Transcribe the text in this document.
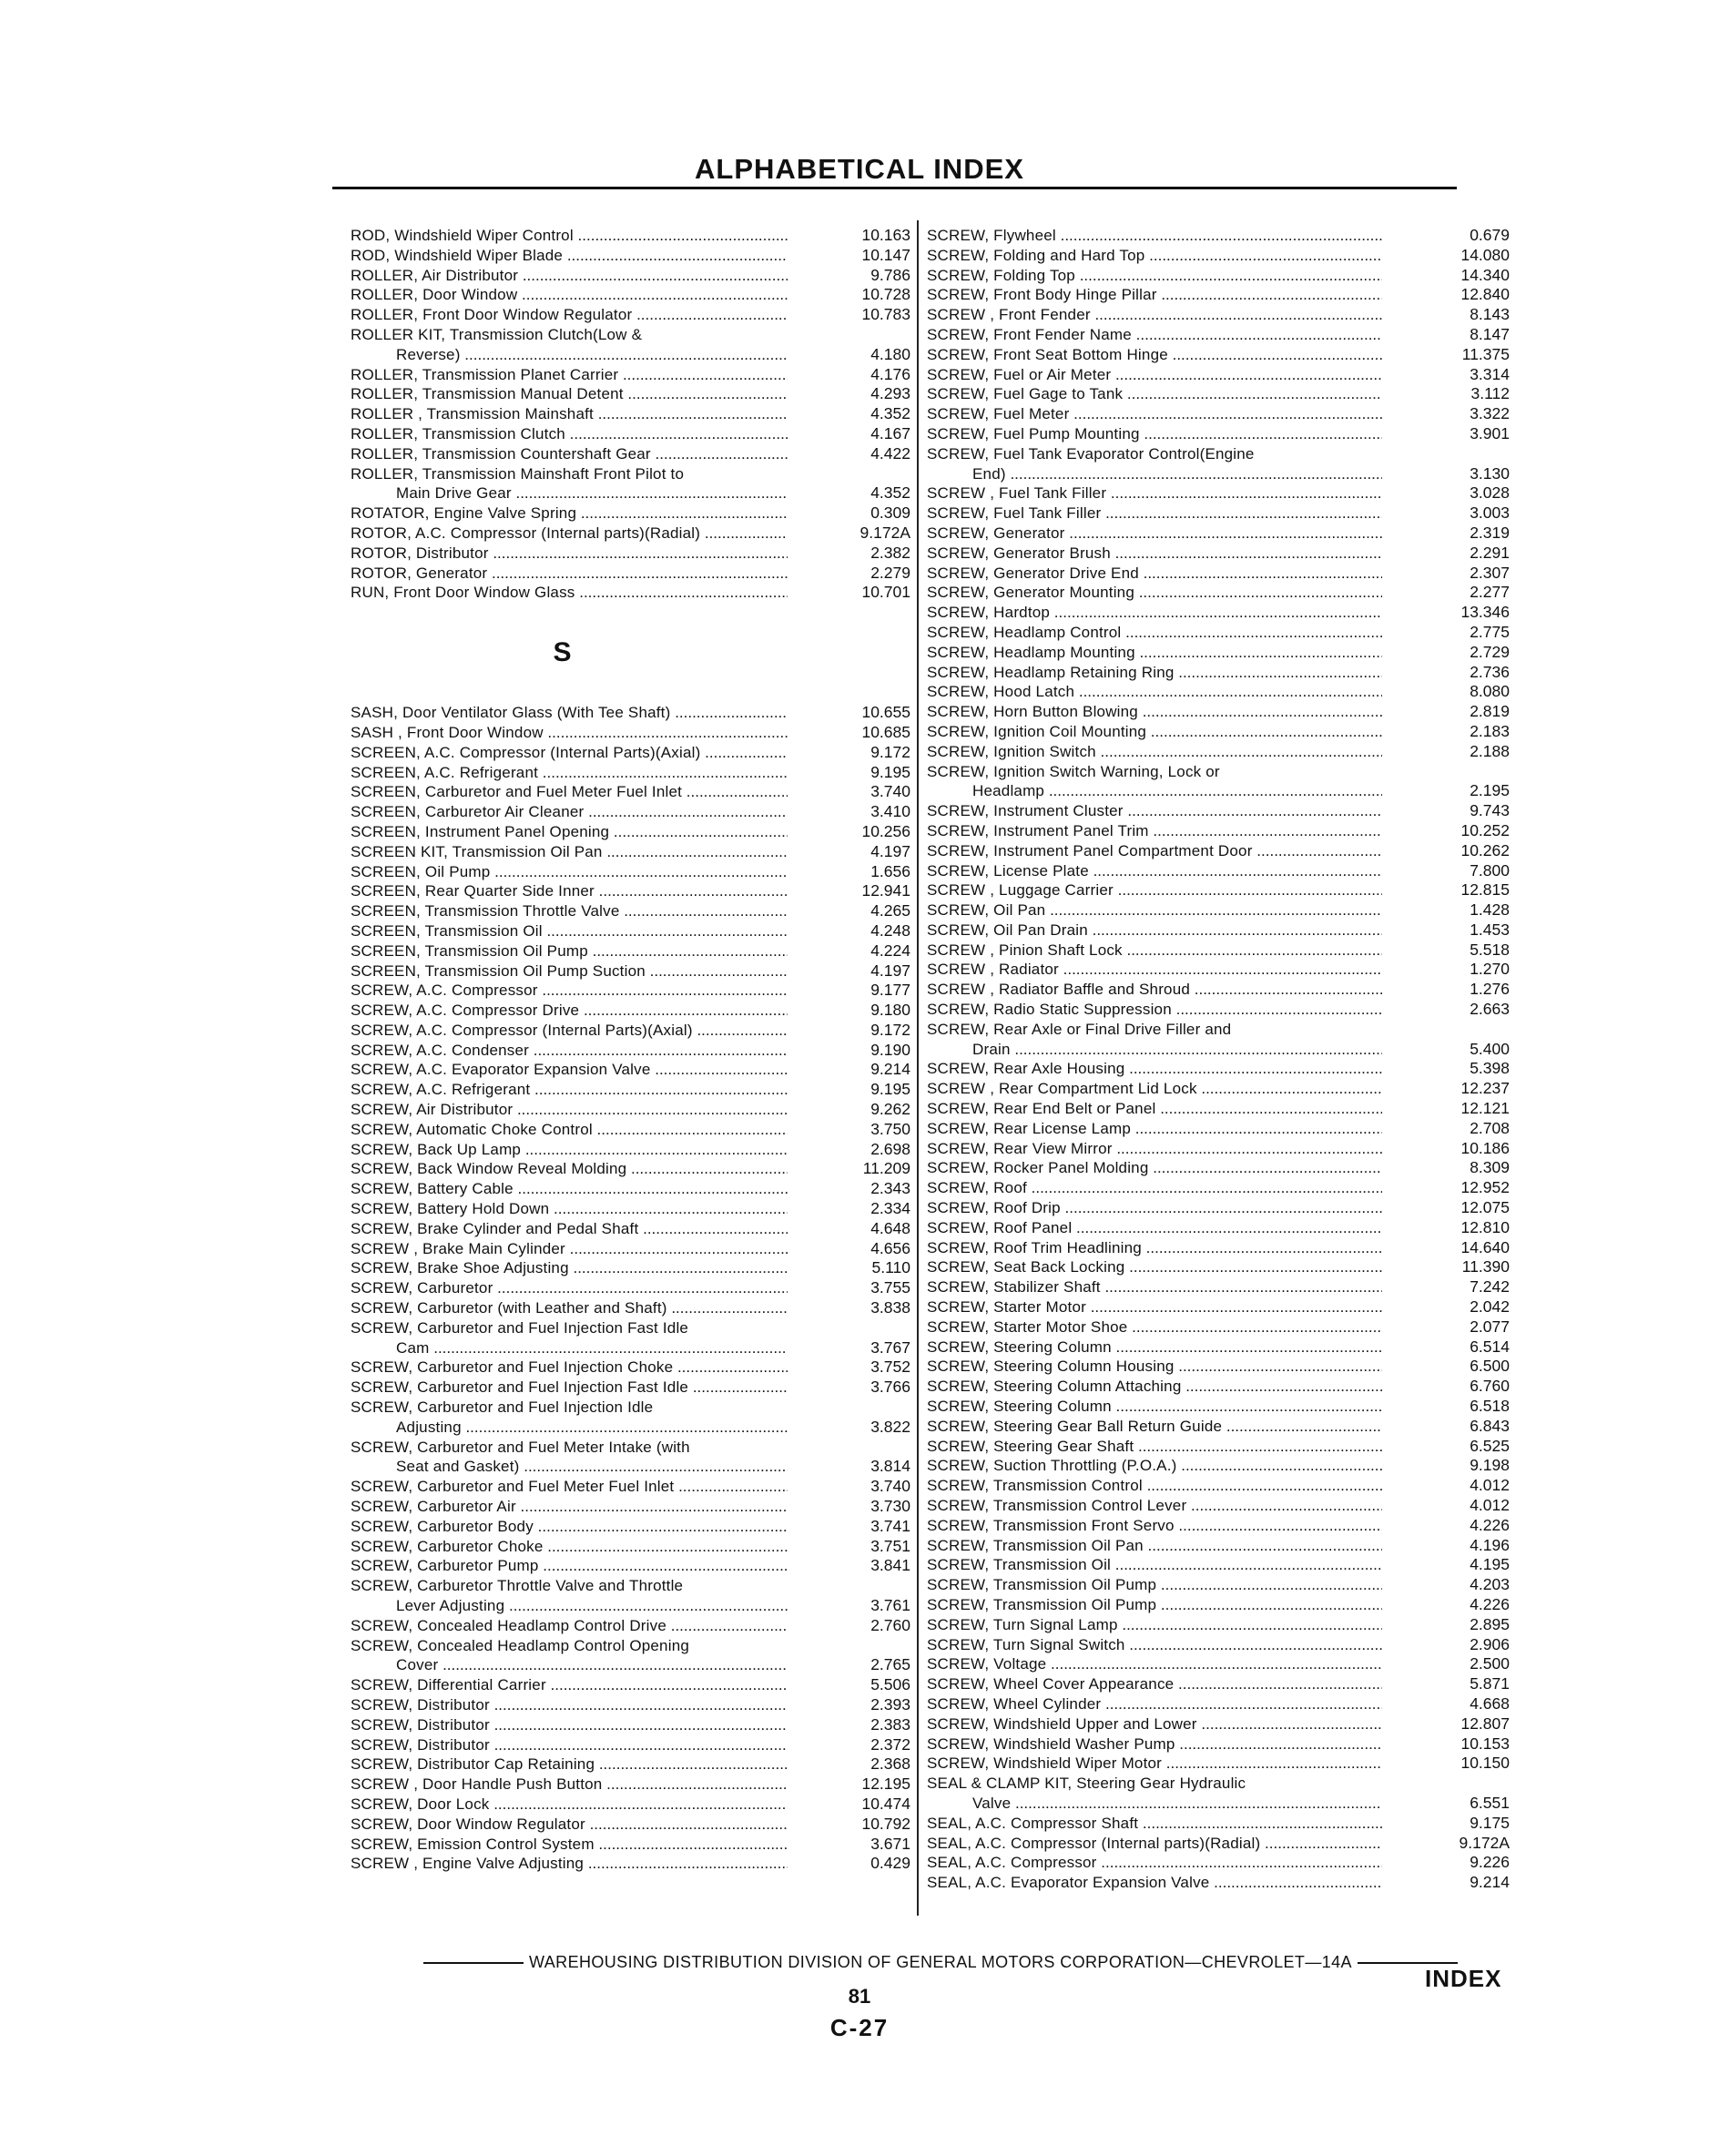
ALPHABETICAL INDEX
ROD, Windshield Wiper Control .....	10.163
ROD, Windshield Wiper Blade .....	10.147
ROLLER, Air Distributor .....	9.786
ROLLER, Door Window .....	10.728
ROLLER, Front Door Window Regulator .....	10.783
ROLLER KIT, Transmission Clutch(Low &
Reverse) .....	4.180
ROLLER, Transmission Planet Carrier .....	4.176
ROLLER, Transmission Manual Detent .....	4.293
ROLLER , Transmission Mainshaft .....	4.352
ROLLER, Transmission Clutch .....	4.167
ROLLER, Transmission Countershaft Gear .....	4.422
ROLLER, Transmission Mainshaft Front Pilot to
Main Drive Gear .....	4.352
ROTATOR, Engine Valve Spring .....	0.309
ROTOR, A.C. Compressor (Internal parts)(Radial) .....	9.172A
ROTOR, Distributor .....	2.382
ROTOR, Generator .....	2.279
RUN, Front Door Window Glass .....	10.701
S
SASH, Door Ventilator Glass (With Tee Shaft) .....	10.655
SASH , Front Door Window .....	10.685
SCREEN, A.C. Compressor (Internal Parts)(Axial) .....	9.172
SCREEN, A.C. Refrigerant .....	9.195
SCREEN, Carburetor and Fuel Meter Fuel Inlet .....	3.740
SCREEN, Carburetor Air Cleaner .....	3.410
SCREEN, Instrument Panel Opening .....	10.256
SCREEN KIT, Transmission Oil Pan .....	4.197
SCREEN, Oil Pump .....	1.656
SCREEN, Rear Quarter Side Inner .....	12.941
SCREEN, Transmission Throttle Valve .....	4.265
SCREEN, Transmission Oil .....	4.248
SCREEN, Transmission Oil Pump .....	4.224
SCREEN, Transmission Oil Pump Suction .....	4.197
SCREW, A.C. Compressor .....	9.177
SCREW, A.C. Compressor Drive .....	9.180
SCREW, A.C. Compressor (Internal Parts)(Axial) .....	9.172
SCREW, A.C. Condenser .....	9.190
SCREW, A.C. Evaporator Expansion Valve .....	9.214
SCREW, A.C. Refrigerant .....	9.195
SCREW, Air Distributor .....	9.262
SCREW, Automatic Choke Control .....	3.750
SCREW, Back Up Lamp .....	2.698
SCREW, Back Window Reveal Molding .....	11.209
SCREW, Battery Cable .....	2.343
SCREW, Battery Hold Down .....	2.334
SCREW, Brake Cylinder and Pedal Shaft .....	4.648
SCREW , Brake Main Cylinder .....	4.656
SCREW, Brake Shoe Adjusting .....	5.110
SCREW, Carburetor .....	3.755
SCREW, Carburetor (with Leather and Shaft) .....	3.838
SCREW, Carburetor and Fuel Injection Fast Idle
Cam .....	3.767
SCREW, Carburetor and Fuel Injection Choke .....	3.752
SCREW, Carburetor and Fuel Injection Fast Idle .....	3.766
SCREW, Carburetor and Fuel Injection Idle
Adjusting .....	3.822
SCREW, Carburetor and Fuel Meter Intake (with
Seat and Gasket) .....	3.814
SCREW, Carburetor and Fuel Meter Fuel Inlet .....	3.740
SCREW, Carburetor Air .....	3.730
SCREW, Carburetor Body .....	3.741
SCREW, Carburetor Choke .....	3.751
SCREW, Carburetor Pump .....	3.841
SCREW, Carburetor Throttle Valve and Throttle
Lever Adjusting .....	3.761
SCREW, Concealed Headlamp Control Drive .....	2.760
SCREW, Concealed Headlamp Control Opening
Cover .....	2.765
SCREW, Differential Carrier .....	5.506
SCREW, Distributor .....	2.393
SCREW, Distributor .....	2.383
SCREW, Distributor .....	2.372
SCREW, Distributor Cap Retaining .....	2.368
SCREW , Door Handle Push Button .....	12.195
SCREW, Door Lock .....	10.474
SCREW, Door Window Regulator .....	10.792
SCREW, Emission Control System .....	3.671
SCREW , Engine Valve Adjusting .....	0.429
SCREW, Flywheel .....	0.679
SCREW, Folding and Hard Top .....	14.080
SCREW, Folding Top .....	14.340
SCREW, Front Body Hinge Pillar .....	12.840
SCREW , Front Fender .....	8.143
SCREW, Front Fender Name .....	8.147
SCREW, Front Seat Bottom Hinge .....	11.375
SCREW, Fuel or Air Meter .....	3.314
SCREW, Fuel Gage to Tank .....	3.112
SCREW, Fuel Meter .....	3.322
SCREW, Fuel Pump Mounting .....	3.901
SCREW, Fuel Tank Evaporator Control(Engine
End) .....	3.130
SCREW , Fuel Tank Filler .....	3.028
SCREW, Fuel Tank Filler .....	3.003
SCREW, Generator .....	2.319
SCREW, Generator Brush .....	2.291
SCREW, Generator Drive End .....	2.307
SCREW, Generator Mounting .....	2.277
SCREW, Hardtop .....	13.346
SCREW, Headlamp Control .....	2.775
SCREW, Headlamp Mounting .....	2.729
SCREW, Headlamp Retaining Ring .....	2.736
SCREW, Hood Latch .....	8.080
SCREW, Horn Button Blowing .....	2.819
SCREW, Ignition Coil Mounting .....	2.183
SCREW, Ignition Switch .....	2.188
SCREW, Ignition Switch Warning, Lock or
Headlamp .....	2.195
SCREW, Instrument Cluster .....	9.743
SCREW, Instrument Panel Trim .....	10.252
SCREW, Instrument Panel Compartment Door .....	10.262
SCREW, License Plate .....	7.800
SCREW , Luggage Carrier .....	12.815
SCREW, Oil Pan .....	1.428
SCREW, Oil Pan Drain .....	1.453
SCREW , Pinion Shaft Lock .....	5.518
SCREW , Radiator .....	1.270
SCREW , Radiator Baffle and Shroud .....	1.276
SCREW, Radio Static Suppression .....	2.663
SCREW, Rear Axle or Final Drive Filler and
Drain .....	5.400
SCREW, Rear Axle Housing .....	5.398
SCREW , Rear Compartment Lid Lock .....	12.237
SCREW, Rear End Belt or Panel .....	12.121
SCREW, Rear License Lamp .....	2.708
SCREW, Rear View Mirror .....	10.186
SCREW, Rocker Panel Molding .....	8.309
SCREW, Roof .....	12.952
SCREW, Roof Drip .....	12.075
SCREW, Roof Panel .....	12.810
SCREW, Roof Trim Headlining .....	14.640
SCREW, Seat Back Locking .....	11.390
SCREW, Stabilizer Shaft .....	7.242
SCREW, Starter Motor .....	2.042
SCREW, Starter Motor Shoe .....	2.077
SCREW, Steering Column .....	6.514
SCREW, Steering Column Housing .....	6.500
SCREW, Steering Column Attaching .....	6.760
SCREW, Steering Column .....	6.518
SCREW, Steering Gear Ball Return Guide .....	6.843
SCREW, Steering Gear Shaft .....	6.525
SCREW, Suction Throttling (P.O.A.) .....	9.198
SCREW, Transmission Control .....	4.012
SCREW, Transmission Control Lever .....	4.012
SCREW, Transmission Front Servo .....	4.226
SCREW, Transmission Oil Pan .....	4.196
SCREW, Transmission Oil .....	4.195
SCREW, Transmission Oil Pump .....	4.203
SCREW, Transmission Oil Pump .....	4.226
SCREW, Turn Signal Lamp .....	2.895
SCREW, Turn Signal Switch .....	2.906
SCREW, Voltage .....	2.500
SCREW, Wheel Cover Appearance .....	5.871
SCREW, Wheel Cylinder .....	4.668
SCREW, Windshield Upper and Lower .....	12.807
SCREW, Windshield Washer Pump .....	10.153
SCREW, Windshield Wiper Motor .....	10.150
SEAL & CLAMP KIT, Steering Gear Hydraulic
Valve .....	6.551
SEAL, A.C. Compressor Shaft .....	9.175
SEAL, A.C. Compressor (Internal parts)(Radial) .....	9.172A
SEAL, A.C. Compressor .....	9.226
SEAL, A.C. Evaporator Expansion Valve .....	9.214
WAREHOUSING DISTRIBUTION DIVISION OF GENERAL MOTORS CORPORATION—CHEVROLET—14A
INDEX
81
C-27
